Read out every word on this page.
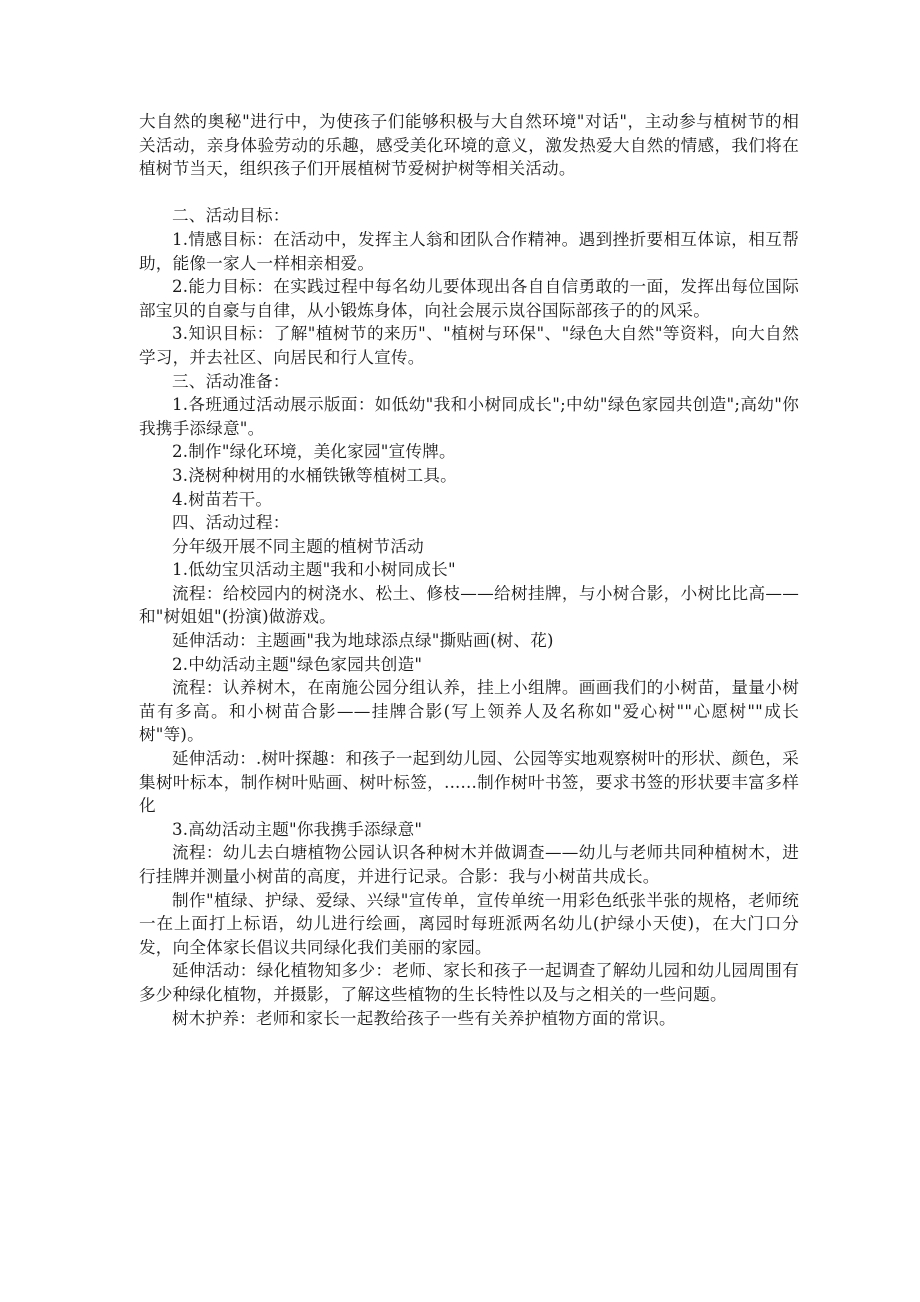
大自然的奥秘"进行中，为使孩子们能够积极与大自然环境"对话"，主动参与植树节的相关活动，亲身体验劳动的乐趣，感受美化环境的意义，激发热爱大自然的情感，我们将在植树节当天，组织孩子们开展植树节爱树护树等相关活动。

二、活动目标：

1.情感目标：在活动中，发挥主人翁和团队合作精神。遇到挫折要相互体谅，相互帮助，能像一家人一样相亲相爱。

2.能力目标：在实践过程中每名幼儿要体现出各自自信勇敢的一面，发挥出每位国际部宝贝的自豪与自律，从小锻炼身体，向社会展示岚谷国际部孩子的的风采。

3.知识目标：了解"植树节的来历"、"植树与环保"、"绿色大自然"等资料，向大自然学习，并去社区、向居民和行人宣传。

三、活动准备：

1.各班通过活动展示版面：如低幼"我和小树同成长";中幼"绿色家园共创造";高幼"你我携手添绿意"。

2.制作"绿化环境，美化家园"宣传牌。

3.浇树种树用的水桶铁锹等植树工具。

4.树苗若干。

四、活动过程：

分年级开展不同主题的植树节活动

1.低幼宝贝活动主题"我和小树同成长"

流程：给校园内的树浇水、松土、修枝——给树挂牌，与小树合影，小树比比高——和"树姐姐"(扮演)做游戏。

延伸活动：主题画"我为地球添点绿"撕贴画(树、花)

2.中幼活动主题"绿色家园共创造"

流程：认养树木，在南施公园分组认养，挂上小组牌。画画我们的小树苗，量量小树苗有多高。和小树苗合影——挂牌合影(写上领养人及名称如"爱心树""心愿树""成长树"等)。

延伸活动：.树叶探趣：和孩子一起到幼儿园、公园等实地观察树叶的形状、颜色，采集树叶标本，制作树叶贴画、树叶标签，......制作树叶书签，要求书签的形状要丰富多样化

3.高幼活动主题"你我携手添绿意"

流程：幼儿去白塘植物公园认识各种树木并做调查——幼儿与老师共同种植树木，进行挂牌并测量小树苗的高度，并进行记录。合影：我与小树苗共成长。

制作"植绿、护绿、爱绿、兴绿"宣传单，宣传单统一用彩色纸张半张的规格，老师统一在上面打上标语，幼儿进行绘画，离园时每班派两名幼儿(护绿小天使)，在大门口分发，向全体家长倡议共同绿化我们美丽的家园。

延伸活动：绿化植物知多少：老师、家长和孩子一起调查了解幼儿园和幼儿园周围有多少种绿化植物，并摄影，了解这些植物的生长特性以及与之相关的一些问题。

树木护养：老师和家长一起教给孩子一些有关养护植物方面的常识。
